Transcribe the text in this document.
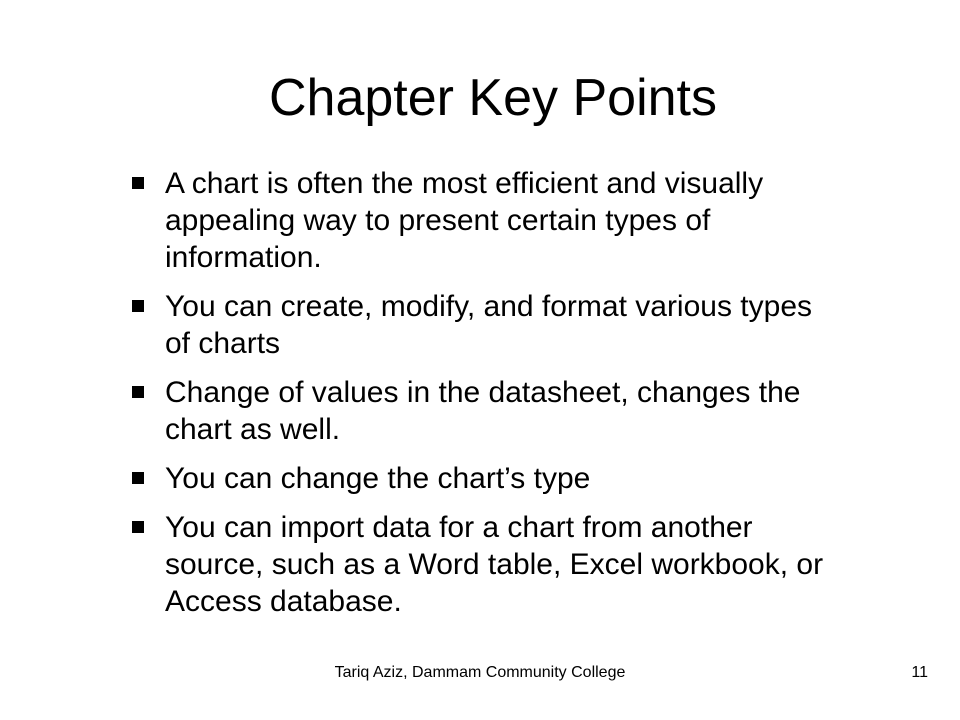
Chapter Key Points
A chart is often the most efficient and visually appealing way to present certain types of information.
You can create, modify, and format various types of charts
Change of values in the datasheet, changes the chart as well.
You can change the chart’s type
You can import data for a chart from another source, such as a Word table, Excel workbook, or Access database.
Tariq Aziz, Dammam Community College	11
